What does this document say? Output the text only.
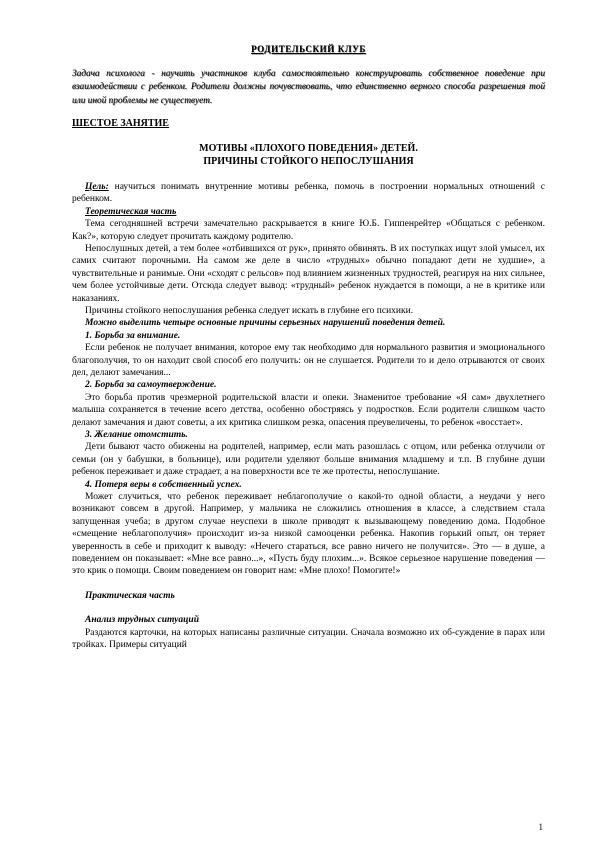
РОДИТЕЛЬСКИЙ КЛУБ
Задача психолога - научить участников клуба самостоятельно конструировать собственное поведение при взаимодействии с ребенком. Родители должны почувствовать, что единственно верного способа разрешения той или иной проблемы не существует.
ШЕСТОЕ ЗАНЯТИЕ
МОТИВЫ «ПЛОХОГО ПОВЕДЕНИЯ» ДЕТЕЙ.
ПРИЧИНЫ СТОЙКОГО НЕПОСЛУШАНИЯ

Цель: научиться понимать внутренние мотивы ребенка, помочь в построении нормальных отношений с ребенком.

Теоретическая часть

Тема сегодняшней встречи замечательно раскрывается в книге Ю.Б. Гиппенрейтер «Общаться с ребенком. Как?», которую следует прочитать каждому родителю.

Непослушных детей, а тем более «отбившихся от рук», принято обвинять. В их поступках ищут злой умысел, их самих считают порочными. На самом же деле в число «трудных» обычно попадают дети не худшие», а чувствительные и ранимые. Они «сходят с рельсов» под влиянием жизненных трудностей, реагируя на них сильнее, чем более устойчивые дети. Отсюда следует вывод: «трудный» ребенок нуждается в помощи, а не в критике или наказаниях.

Причины стойкого непослушания ребенка следует искать в глубине его психики.

Можно выделить четыре основные причины серьезных нарушений поведения детей.
1. Борьба за внимание.

Если ребенок не получает внимания, которое ему так необходимо для нормального развития и эмоционального благополучия, то он находит свой способ его получить: он не слушается. Родители то и дело отрываются от своих дел, делают замечания...

2. Борьба за самоутверждение.

Это борьба против чрезмерной родительской власти и опеки. Знаменитое требование «Я сам» двухлетнего малыша сохраняется в течение всего детства, особенно обостряясь у подростков. Если родители слишком часто делают замечания и дают советы, а их критика слишком резка, опасения преувеличены, то ребенок «восстает».

3. Желание отомстить.

Дети бывают часто обижены на родителей, например, если мать разошлась с отцом, или ребенка отлучили от семьи (он у бабушки, в больнице), или родители уделяют больше внимания младшему и т.п. В глубине души ребенок переживает и даже страдает, а на поверхности все те же протесты, непослушание.

4. Потеря веры в собственный успех.

Может случиться, что ребенок переживает неблагополучие о какой-то одной области, а неудачи у него возникают совсем в другой. Например, у мальчика не сложились отношения в классе, а следствием стала запущенная учеба; в другом случае неуспехи в школе приводят к вызывающему поведению дома. Подобное «смещение неблагополучия» происходит из-за низкой самооценки ребенка. Накопив горький опыт, он теряет уверенность в себе и приходит к выводу: «Нечего стараться, все равно ничего не получится». Это — в душе, а поведением он показывает: «Мне все равно...», «Пусть буду плохим...». Всякое серьезное нарушение поведения — это крик о помощи. Своим поведением он говорит нам: «Мне плохо! Помогите!»

Практическая часть
Анализ трудных ситуаций

Раздаются карточки, на которых написаны различные ситуации. Сначала возможно их об-суждение в парах или тройках. Примеры ситуаций

1
